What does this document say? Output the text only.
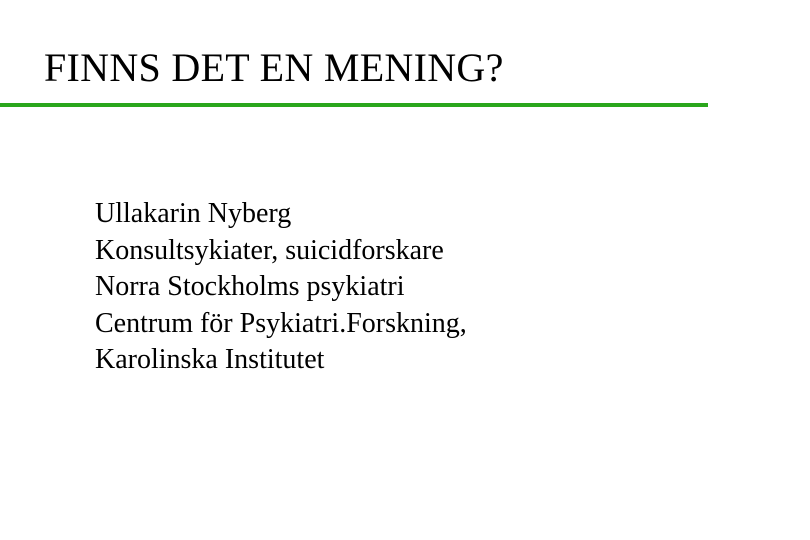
FINNS DET EN MENING?
Ullakarin Nyberg
Konsultsykiater, suicidforskare
Norra Stockholms psykiatri
Centrum för Psykiatri.Forskning,
Karolinska Institutet
